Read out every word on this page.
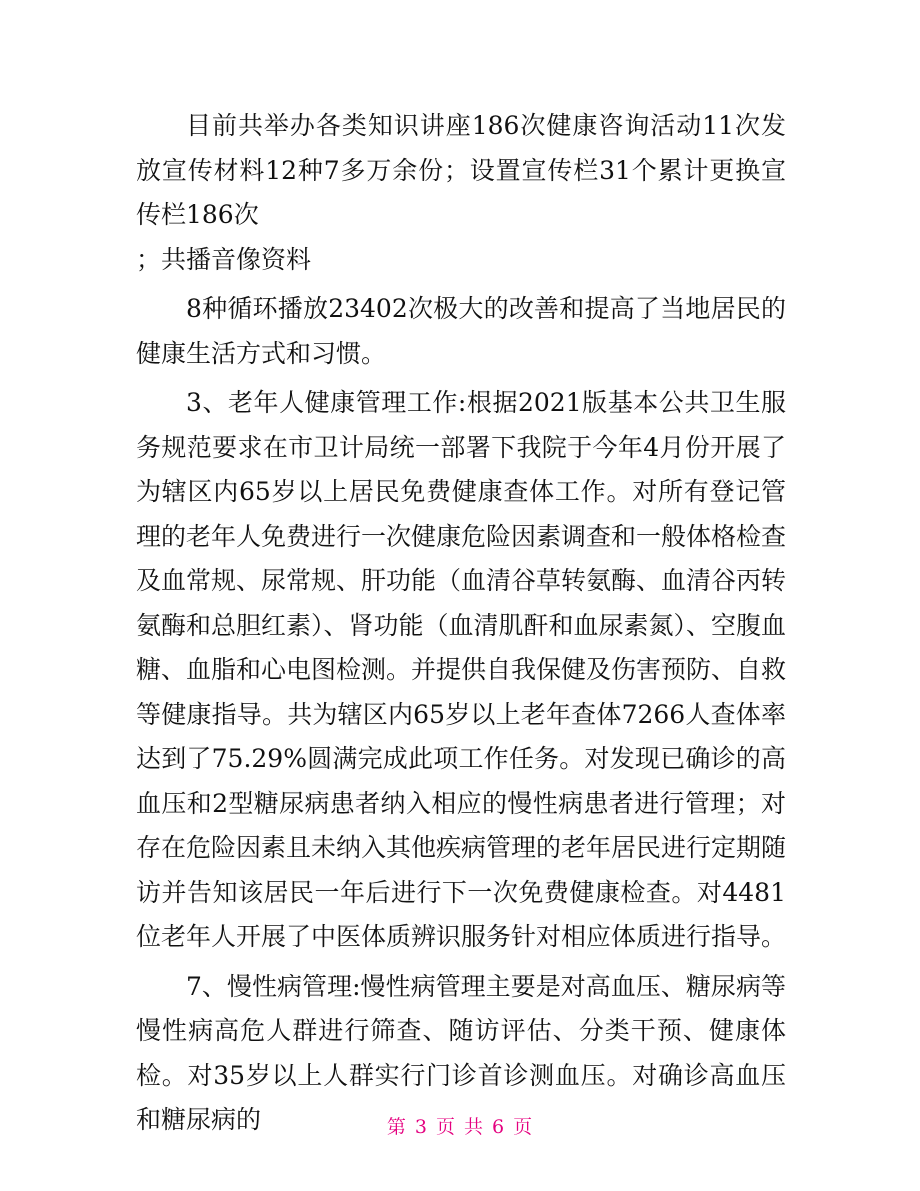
目前共举办各类知识讲座186次健康咨询活动11次发放宣传材料12种7多万余份；设置宣传栏31个累计更换宣传栏186次

；共播音像资料

8种循环播放23402次极大的改善和提高了当地居民的健康生活方式和习惯。

3、老年人健康管理工作:根据2021版基本公共卫生服务规范要求在市卫计局统一部署下我院于今年4月份开展了为辖区内65岁以上居民免费健康查体工作。对所有登记管理的老年人免费进行一次健康危险因素调查和一般体格检查及血常规、尿常规、肝功能（血清谷草转氨酶、血清谷丙转氨酶和总胆红素）、肾功能（血清肌酐和血尿素氮）、空腹血糖、血脂和心电图检测。并提供自我保健及伤害预防、自救等健康指导。共为辖区内65岁以上老年查体7266人查体率达到了75.29%圆满完成此项工作任务。对发现已确诊的高血压和2型糖尿病患者纳入相应的慢性病患者进行管理；对存在危险因素且未纳入其他疾病管理的老年居民进行定期随访并告知该居民一年后进行下一次免费健康检查。对4481位老年人开展了中医体质辨识服务针对相应体质进行指导。

7、慢性病管理:慢性病管理主要是对高血压、糖尿病等慢性病高危人群进行筛查、随访评估、分类干预、健康体检。对35岁以上人群实行门诊首诊测血压。对确诊高血压和糖尿病的	第 3 页 共 6 页
